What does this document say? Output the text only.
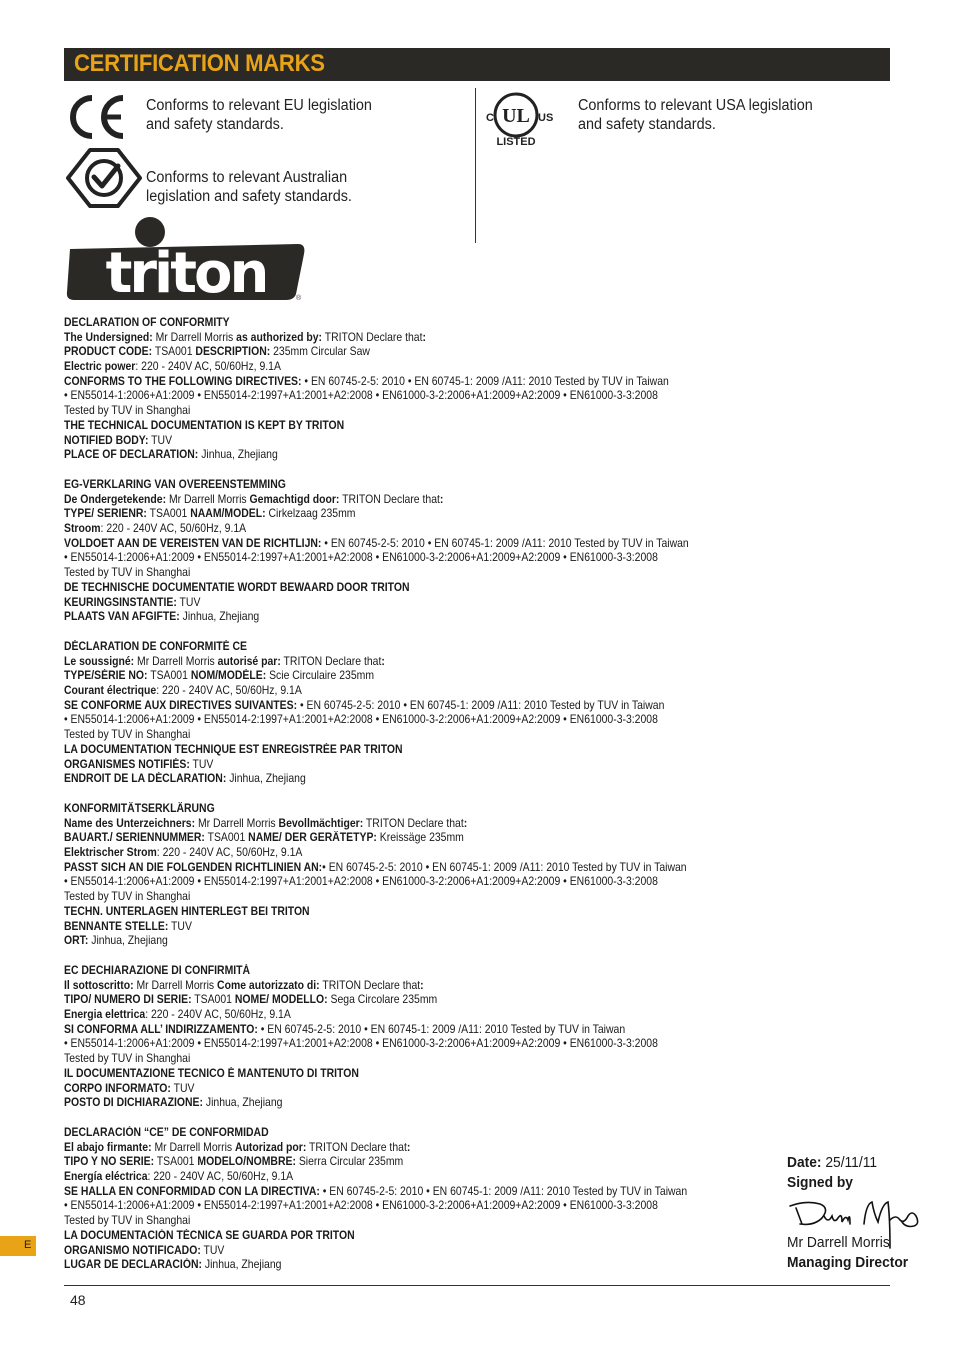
CERTIFICATION MARKS
Conforms to relevant EU legislation
and safety standards.
Conforms to relevant Australian
legislation and safety standards.
UL
C	US
LISTED
Conforms to relevant USA legislation
and safety standards.
triton	®
DECLARATION OF CONFORMITY
The Undersigned: Mr Darrell Morris as authorized by: TRITON Declare that:
PRODUCT CODE: TSA001 DESCRIPTION: 235mm Circular Saw
Electric power: 220 - 240V AC, 50/60Hz, 9.1A
CONFORMS TO THE FOLLOWING DIRECTIVES: • EN 60745-2-5: 2010 • EN 60745-1: 2009 /A11: 2010 Tested by TUV in Taiwan
• EN55014-1:2006+A1:2009 • EN55014-2:1997+A1:2001+A2:2008 • EN61000-3-2:2006+A1:2009+A2:2009 • EN61000-3-3:2008
Tested by TUV in Shanghai
THE TECHNICAL DOCUMENTATION IS KEPT BY TRITON
NOTIFIED BODY: TUV
PLACE OF DECLARATION: Jinhua, Zhejiang
EG-VERKLARING VAN OVEREENSTEMMING
De Ondergetekende: Mr Darrell Morris Gemachtigd door: TRITON Declare that:
TYPE/ SERIENR: TSA001 NAAM/MODEL: Cirkelzaag 235mm
Stroom: 220 - 240V AC, 50/60Hz, 9.1A
VOLDOET AAN DE VEREISTEN VAN DE RICHTLIJN: • EN 60745-2-5: 2010 • EN 60745-1: 2009 /A11: 2010 Tested by TUV in Taiwan
• EN55014-1:2006+A1:2009 • EN55014-2:1997+A1:2001+A2:2008 • EN61000-3-2:2006+A1:2009+A2:2009 • EN61000-3-3:2008
Tested by TUV in Shanghai
DE TECHNISCHE DOCUMENTATIE WORDT BEWAARD DOOR TRITON
KEURINGSINSTANTIE: TUV
PLAATS VAN AFGIFTE: Jinhua, Zhejiang
DÉCLARATION DE CONFORMITÉ CE
Le soussigné: Mr Darrell Morris autorisé par: TRITON Declare that:
TYPE/SÉRIE NO: TSA001 NOM/MODÈLE: Scie Circulaire 235mm
Courant électrique: 220 - 240V AC, 50/60Hz, 9.1A
SE CONFORME AUX DIRECTIVES SUIVANTES: • EN 60745-2-5: 2010 • EN 60745-1: 2009 /A11: 2010 Tested by TUV in Taiwan
• EN55014-1:2006+A1:2009 • EN55014-2:1997+A1:2001+A2:2008 • EN61000-3-2:2006+A1:2009+A2:2009 • EN61000-3-3:2008
Tested by TUV in Shanghai
LA DOCUMENTATION TECHNIQUE EST ENREGISTRÉE PAR TRITON
ORGANISMES NOTIFIÉS: TUV
ENDROIT DE LA DÉCLARATION: Jinhua, Zhejiang
KONFORMITÄTSERKLÄRUNG
Name des Unterzeichners: Mr Darrell Morris Bevollmächtiger: TRITON Declare that:
BAUART./ SERIENNUMMER: TSA001 NAME/ DER GERÄTETYP: Kreissäge 235mm
Elektrischer Strom: 220 - 240V AC, 50/60Hz, 9.1A
PASST SICH AN DIE FOLGENDEN RICHTLINIEN AN:• EN 60745-2-5: 2010 • EN 60745-1: 2009 /A11: 2010 Tested by TUV in Taiwan
• EN55014-1:2006+A1:2009 • EN55014-2:1997+A1:2001+A2:2008 • EN61000-3-2:2006+A1:2009+A2:2009 • EN61000-3-3:2008
Tested by TUV in Shanghai
TECHN. UNTERLAGEN HINTERLEGT BEI TRITON
BENNANTE STELLE: TUV
ORT: Jinhua, Zhejiang
EC DECHIARAZIONE DI CONFIRMITÁ
Il sottoscritto: Mr Darrell Morris Come autorizzato di: TRITON Declare that:
TIPO/ NUMERO DI SERIE: TSA001 NOME/ MODELLO: Sega Circolare 235mm
Energia elettrica: 220 - 240V AC, 50/60Hz, 9.1A
SI CONFORMA ALL’ INDIRIZZAMENTO: • EN 60745-2-5: 2010 • EN 60745-1: 2009 /A11: 2010 Tested by TUV in Taiwan
• EN55014-1:2006+A1:2009 • EN55014-2:1997+A1:2001+A2:2008 • EN61000-3-2:2006+A1:2009+A2:2009 • EN61000-3-3:2008
Tested by TUV in Shanghai
IL DOCUMENTAZIONE TECNICO É MANTENUTO DI TRITON
CORPO INFORMATO: TUV
POSTO DI DICHIARAZIONE: Jinhua, Zhejiang
DECLARACIÓN “CE” DE CONFORMIDAD
El abajo firmante: Mr Darrell Morris Autorizad por: TRITON Declare that:
TIPO Y NO SERIE: TSA001 MODELO/NOMBRE: Sierra Circular 235mm
Energía eléctrica: 220 - 240V AC, 50/60Hz, 9.1A
SE HALLA EN CONFORMIDAD CON LA DIRECTIVA: • EN 60745-2-5: 2010 • EN 60745-1: 2009 /A11: 2010 Tested by TUV in Taiwan
• EN55014-1:2006+A1:2009 • EN55014-2:1997+A1:2001+A2:2008 • EN61000-3-2:2006+A1:2009+A2:2009 • EN61000-3-3:2008
Tested by TUV in Shanghai
LA DOCUMENTACIÓN TÉCNICA SE GUARDA POR TRITON
ORGANISMO NOTIFICADO: TUV
LUGAR DE DECLARACIÓN: Jinhua, Zhejiang
Date: 25/11/11
Signed by
Mr Darrell Morris
Managing Director
E
48
